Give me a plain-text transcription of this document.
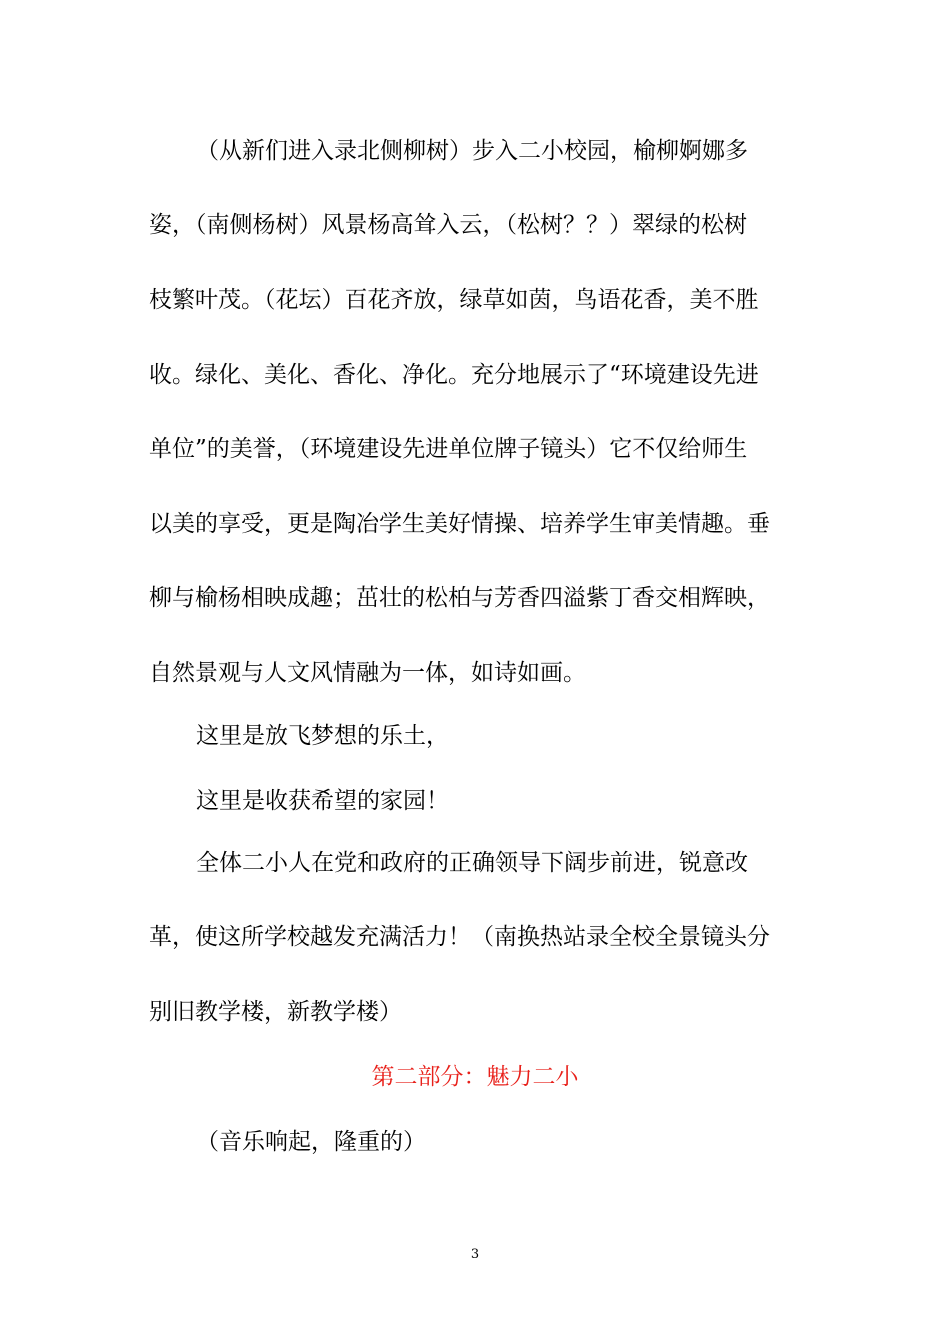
（从新们进入录北侧柳树）步入二小校园，榆柳婀娜多
姿，（南侧杨树）风景杨高耸入云，（松树？？）翠绿的松树
枝繁叶茂。（花坛）百花齐放，绿草如茵，鸟语花香，美不胜
收。绿化、美化、香化、净化。充分地展示了“环境建设先进
单位”的美誉，（环境建设先进单位牌子镜头）它不仅给师生
以美的享受，更是陶冶学生美好情操、培养学生审美情趣。垂
柳与榆杨相映成趣；茁壮的松柏与芳香四溢紫丁香交相辉映，
自然景观与人文风情融为一体，如诗如画。
这里是放飞梦想的乐土，
这里是收获希望的家园！
全体二小人在党和政府的正确领导下阔步前进，锐意改
革，使这所学校越发充满活力！（南换热站录全校全景镜头分
别旧教学楼，新教学楼）
第二部分：魅力二小
（音乐响起，隆重的）
3
